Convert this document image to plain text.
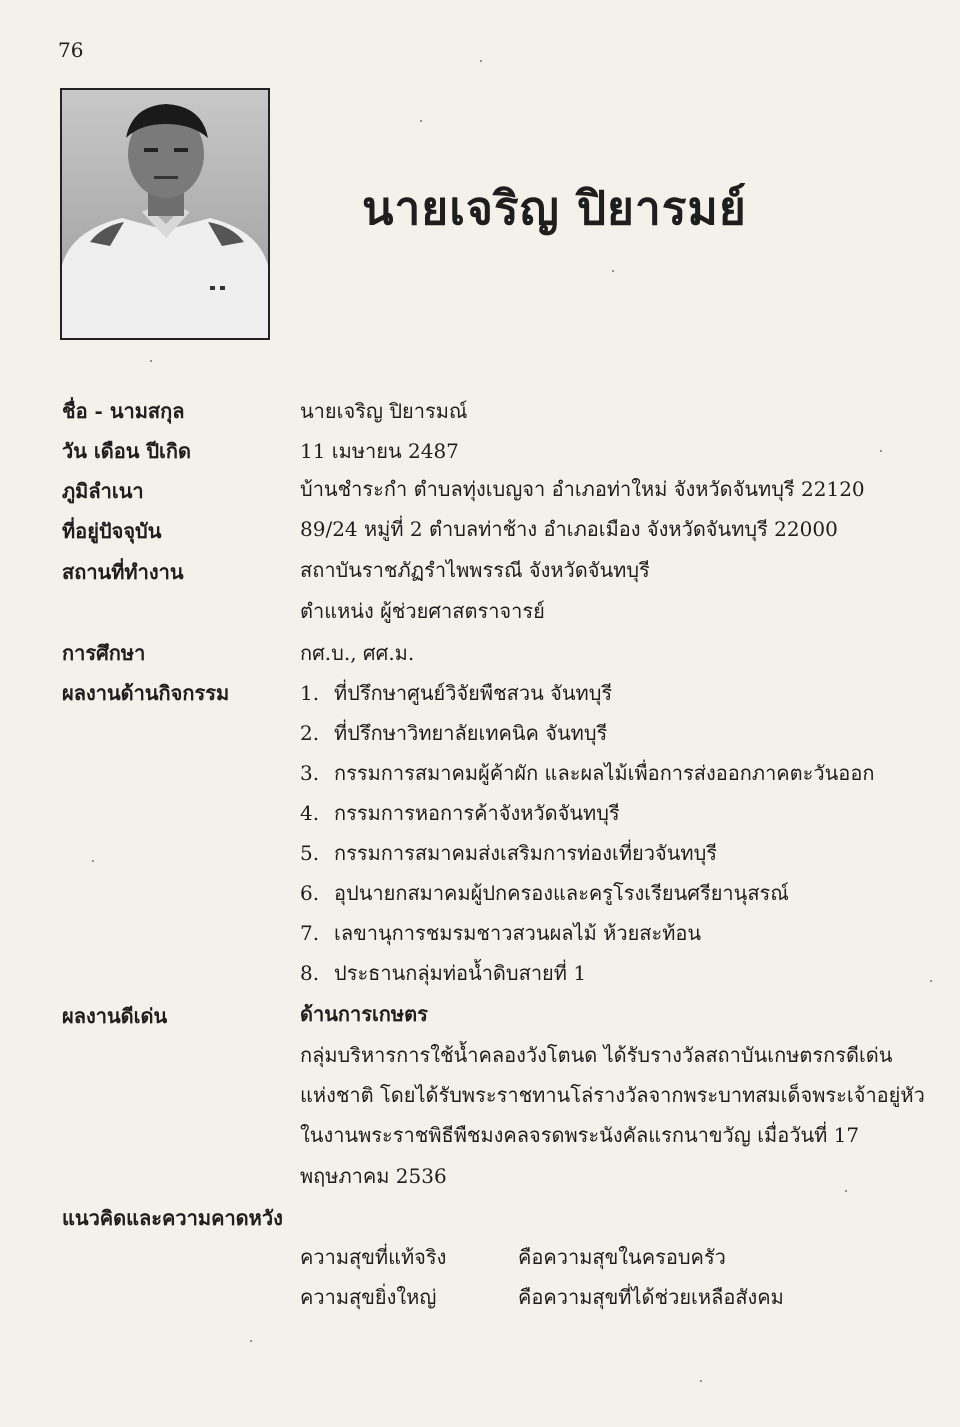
76
นายเจริญ ปิยารมย์
ชื่อ - นามสกุล	นายเจริญ ปิยารมณ์
วัน เดือน ปีเกิด	11 เมษายน 2487
ภูมิลำเนา	บ้านชำระกำ ตำบลทุ่งเบญจา อำเภอท่าใหม่ จังหวัดจันทบุรี 22120
ที่อยู่ปัจจุบัน	89/24 หมู่ที่ 2 ตำบลท่าช้าง อำเภอเมือง จังหวัดจันทบุรี 22000
สถานที่ทำงาน	สถาบันราชภัฏรำไพพรรณี จังหวัดจันทบุรี
ตำแหน่ง ผู้ช่วยศาสตราจารย์
การศึกษา	กศ.บ., ศศ.ม.
ผลงานด้านกิจกรรม	1. ที่ปรึกษาศูนย์วิจัยพืชสวน จันทบุรี
2. ที่ปรึกษาวิทยาลัยเทคนิค จันทบุรี
3. กรรมการสมาคมผู้ค้าผัก และผลไม้เพื่อการส่งออกภาคตะวันออก
4. กรรมการหอการค้าจังหวัดจันทบุรี
5. กรรมการสมาคมส่งเสริมการท่องเที่ยวจันทบุรี
6. อุปนายกสมาคมผู้ปกครองและครูโรงเรียนศรียานุสรณ์
7. เลขานุการชมรมชาวสวนผลไม้ ห้วยสะท้อน
8. ประธานกลุ่มท่อน้ำดิบสายที่ 1
ผลงานดีเด่น	ด้านการเกษตร
กลุ่มบริหารการใช้น้ำคลองวังโตนด ได้รับรางวัลสถาบันเกษตรกรดีเด่น
แห่งชาติ โดยได้รับพระราชทานโล่รางวัลจากพระบาทสมเด็จพระเจ้าอยู่หัว
ในงานพระราชพิธีพืชมงคลจรดพระนังคัลแรกนาขวัญ เมื่อวันที่ 17
พฤษภาคม 2536
แนวคิดและความคาดหวัง
ความสุขที่แท้จริง	คือความสุขในครอบครัว
ความสุขยิ่งใหญ่	คือความสุขที่ได้ช่วยเหลือสังคม
